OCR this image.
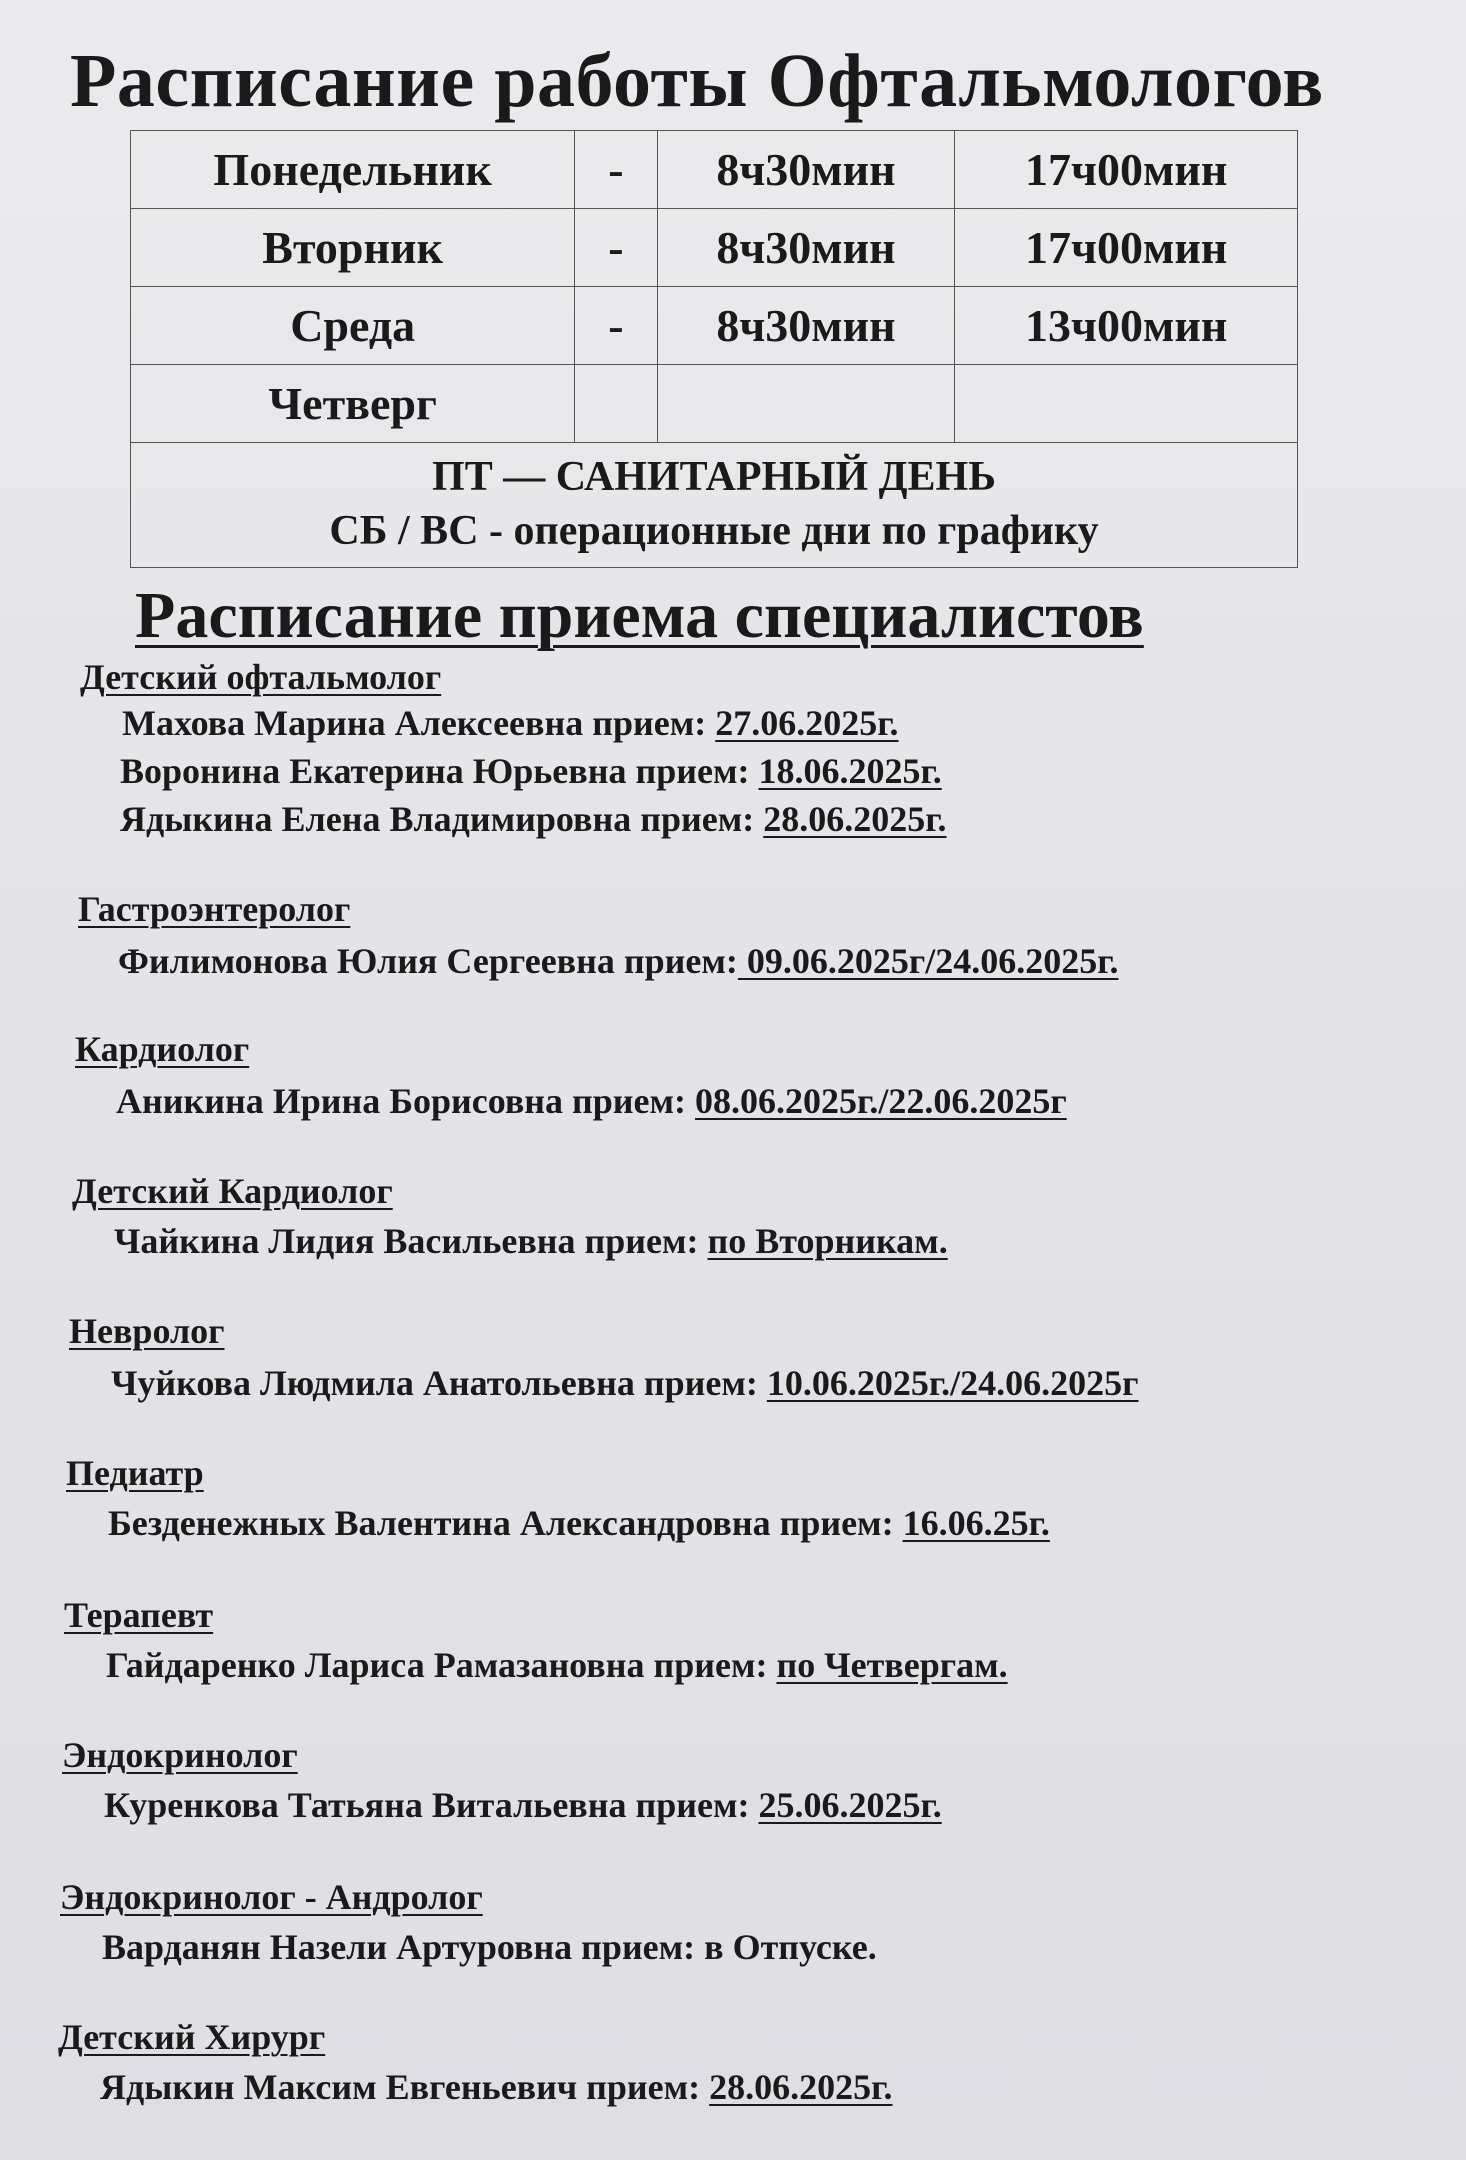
Расписание работы Офтальмологов
Понедельник	-	8ч30мин	17ч00мин
Вторник	-	8ч30мин	17ч00мин
Среда	-	8ч30мин	13ч00мин
Четверг			

ПТ — САНИТАРНЫЙ ДЕНЬ
СБ / ВС - операционные дни по графику			
Расписание приема специалистов
Детский офтальмолог
Махова Марина Алексеевна прием: 27.06.2025г.
Воронина Екатерина Юрьевна прием: 18.06.2025г.
Ядыкина Елена Владимировна прием: 28.06.2025г.
Гастроэнтеролог
Филимонова Юлия Сергеевна прием: 09.06.2025г/24.06.2025г.
Кардиолог
Аникина Ирина Борисовна прием: 08.06.2025г./22.06.2025г
Детский Кардиолог
Чайкина Лидия Васильевна прием: по Вторникам.
Невролог
Чуйкова Людмила Анатольевна прием: 10.06.2025г./24.06.2025г
Педиатр
Безденежных Валентина Александровна прием: 16.06.25г.
Терапевт
Гайдаренко Лариса Рамазановна прием: по Четвергам.
Эндокринолог
Куренкова Татьяна Витальевна прием: 25.06.2025г.
Эндокринолог - Андролог
Варданян Назели Артуровна прием: в Отпуске.
Детский Хирург
Ядыкин Максим Евгеньевич прием: 28.06.2025г.
